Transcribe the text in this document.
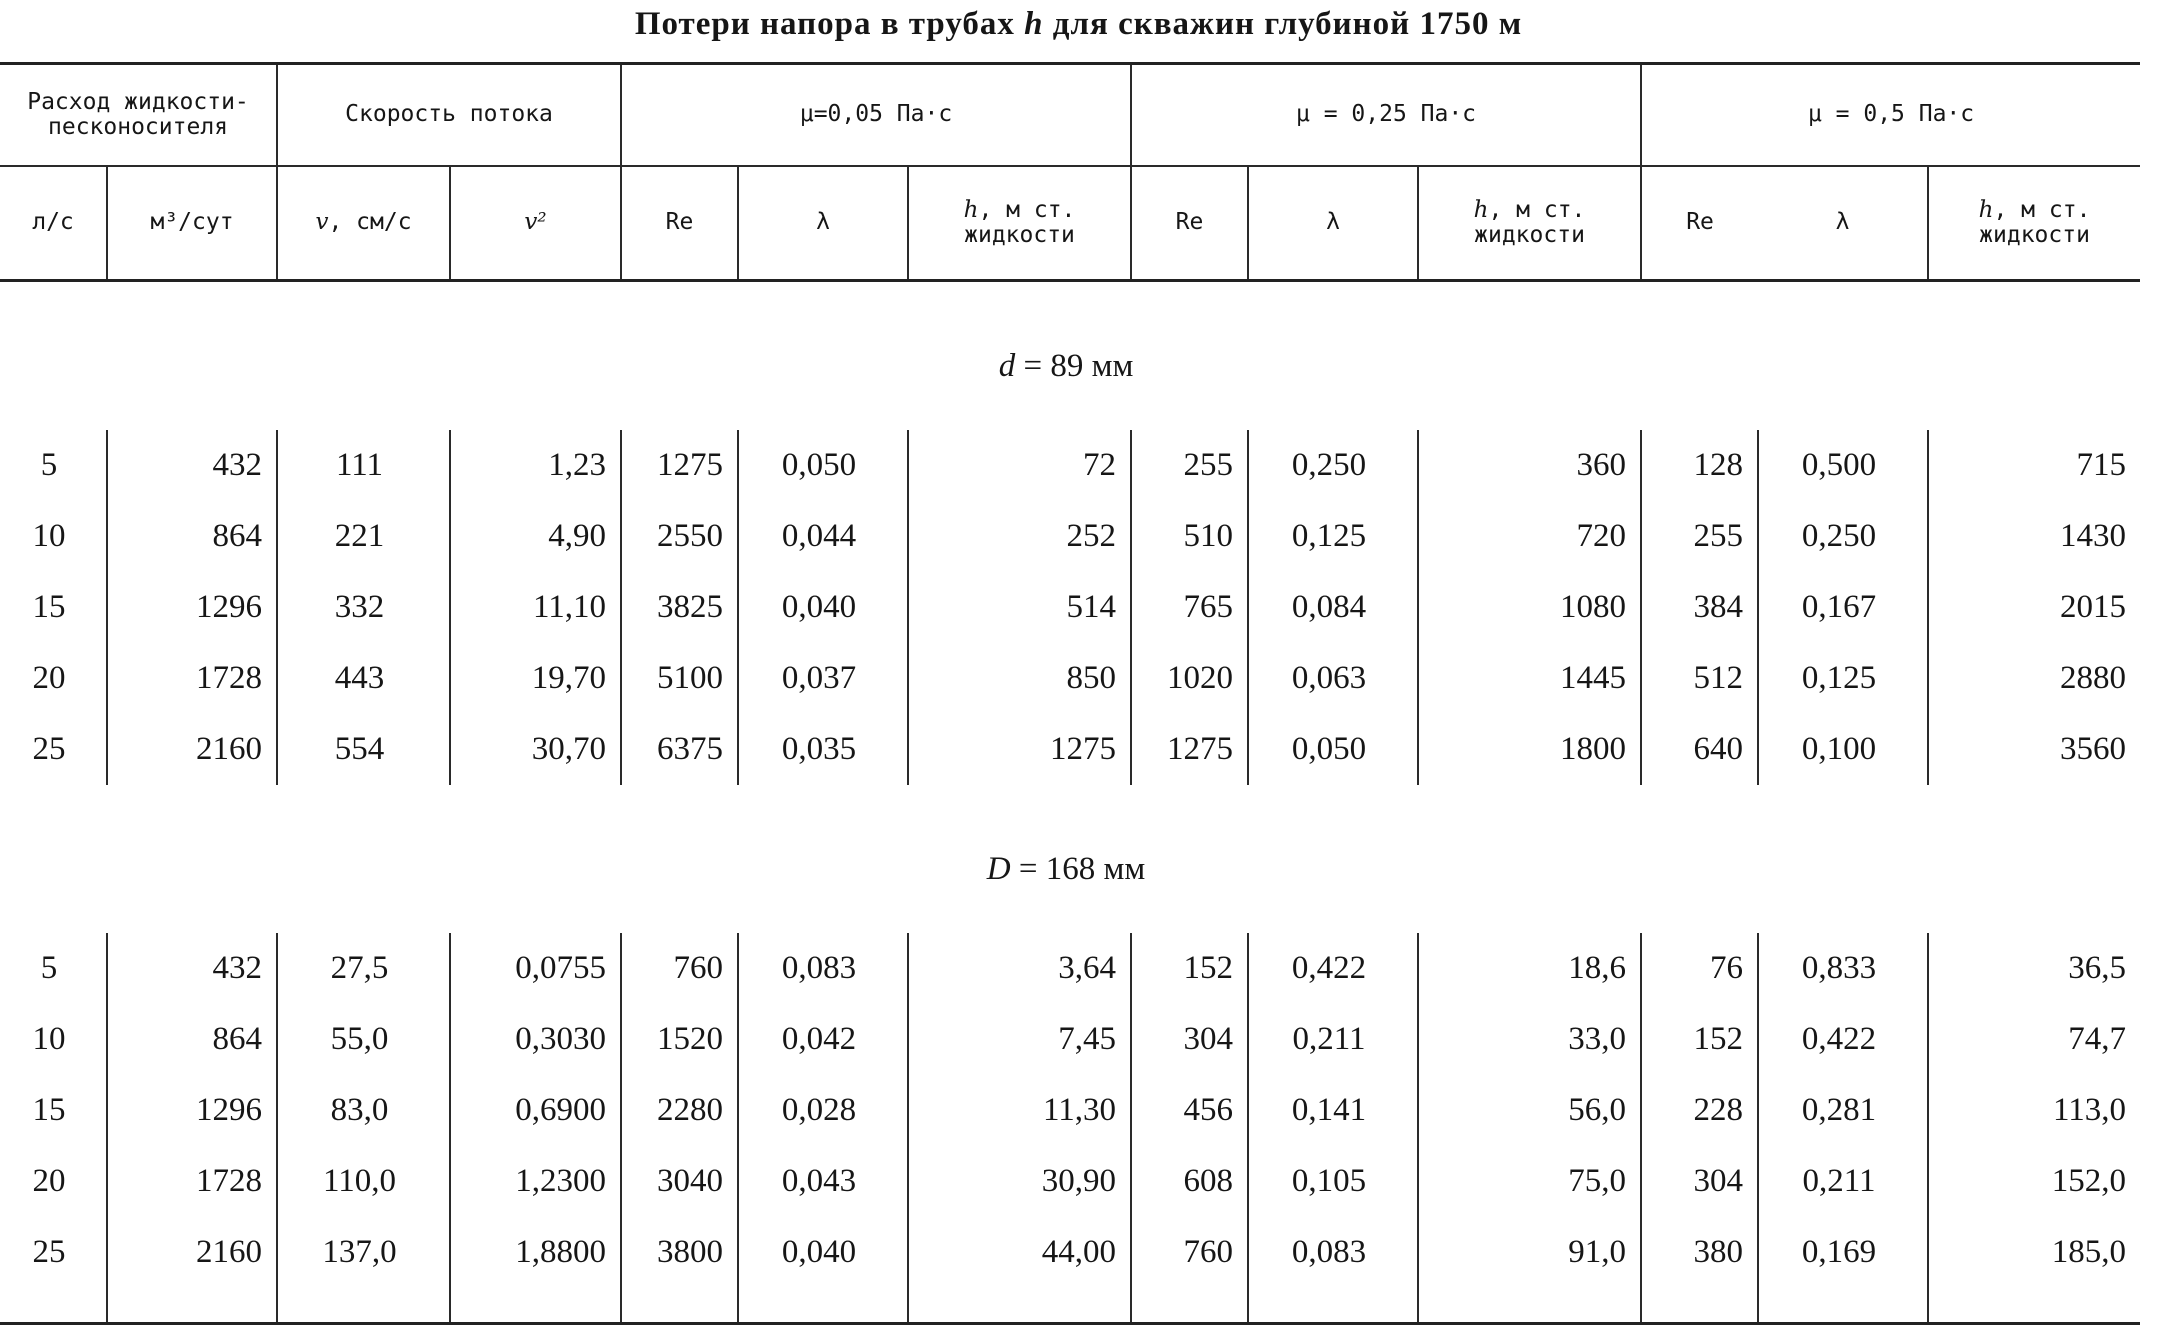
Потери напора в трубах h для скважин глубиной 1750 м
Расход жидкости-песконосителя		Скорость потока		μ=0,05 Па·с			μ = 0,25 Па·с			μ = 0,5 Па·с		
л/с	м³/сут	v, см/с	v²	Re	λ	h, м ст. жидкости	Re	λ	h, м ст. жидкости	Re	λ	h, м ст. жидкости
d = 89 мм												
5	432	111	1,23	1275	0,050	72	255	0,250	360	128	0,500	715
10	864	221	4,90	2550	0,044	252	510	0,125	720	255	0,250	1430
15	1296	332	11,10	3825	0,040	514	765	0,084	1080	384	0,167	2015
20	1728	443	19,70	5100	0,037	850	1020	0,063	1445	512	0,125	2880
25	2160	554	30,70	6375	0,035	1275	1275	0,050	1800	640	0,100	3560
D = 168 мм												
5	432	27,5	0,0755	760	0,083	3,64	152	0,422	18,6	76	0,833	36,5
10	864	55,0	0,3030	1520	0,042	7,45	304	0,211	33,0	152	0,422	74,7
15	1296	83,0	0,6900	2280	0,028	11,30	456	0,141	56,0	228	0,281	113,0
20	1728	110,0	1,2300	3040	0,043	30,90	608	0,105	75,0	304	0,211	152,0
25	2160	137,0	1,8800	3800	0,040	44,00	760	0,083	91,0	380	0,169	185,0
